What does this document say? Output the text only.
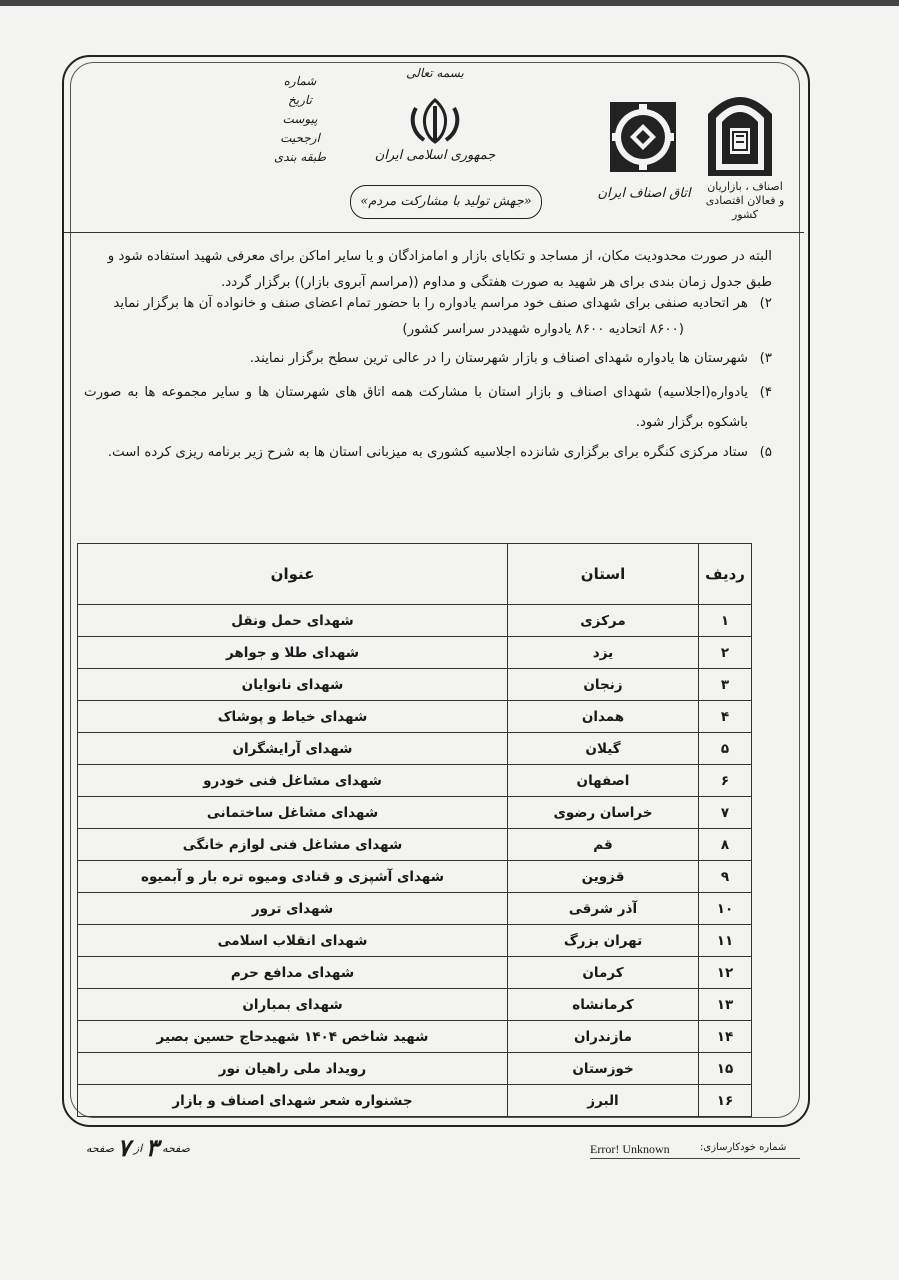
اصناف ، بازاریان
و فعالان اقتصادی
کشور
اتاق اصناف ایران
بسمه تعالی
جمهوری اسلامی ایران
«جهش تولید با مشارکت مردم»
شماره
تاریخ
پیوست
ارجحیت
طبقه بندی

البته در صورت محدودیت مکان، از مساجد و تکایای بازار و امامزادگان و یا سایر اماکن برای معرفی شهید استفاده شود و

طبق جدول زمان بندی برای هر شهید به صورت هفتگی و مداوم ((مراسم آبروی بازار)) برگزار گردد.

۲)

هر اتحادیه صنفی برای شهدای صنف خود مراسم یادواره را با حضور تمام اعضای صنف و خانواده آن ها برگزار نماید

(۸۶۰۰ اتحادیه ۸۶۰۰ یادواره شهیددر سراسر کشور)

۳)

شهرستان ها یادواره شهدای اصناف و بازار شهرستان را در عالی ترین سطح برگزار نمایند.

۴)

یادواره(اجلاسیه) شهدای اصناف و بازار استان با مشارکت همه اتاق های شهرستان ها و سایر مجموعه ها به صورت باشکوه برگزار شود.

۵)

ستاد مرکزی کنگره برای برگزاری شانزده اجلاسیه کشوری به میزبانی استان ها به شرح زیر برنامه ریزی کرده است.

ردیف	استان	عنوان
۱	مرکزی	شهدای حمل ونقل
۲	یزد	شهدای طلا و جواهر
۳	زنجان	شهدای نانوایان
۴	همدان	شهدای خیاط و پوشاک
۵	گیلان	شهدای آرایشگران
۶	اصفهان	شهدای مشاغل فنی خودرو
۷	خراسان رضوی	شهدای مشاغل ساختمانی
۸	قم	شهدای مشاغل فنی لوازم خانگی
۹	قزوین	شهدای آشپزی و قنادی ومیوه تره بار و آبمیوه
۱۰	آذر شرقی	شهدای ترور
۱۱	تهران بزرگ	شهدای انقلاب اسلامی
۱۲	کرمان	شهدای مدافع حرم
۱۳	کرمانشاه	شهدای بمباران
۱۴	مازندران	شهید شاخص ۱۴۰۴ شهیدحاج حسین بصیر
۱۵	خوزستان	رویداد ملی راهیان نور
۱۶	البرز	جشنواره شعر شهدای اصناف و بازار
صفحه ۳ از ۷ صفحه	Error! Unknown	شماره خودکارسازی:
